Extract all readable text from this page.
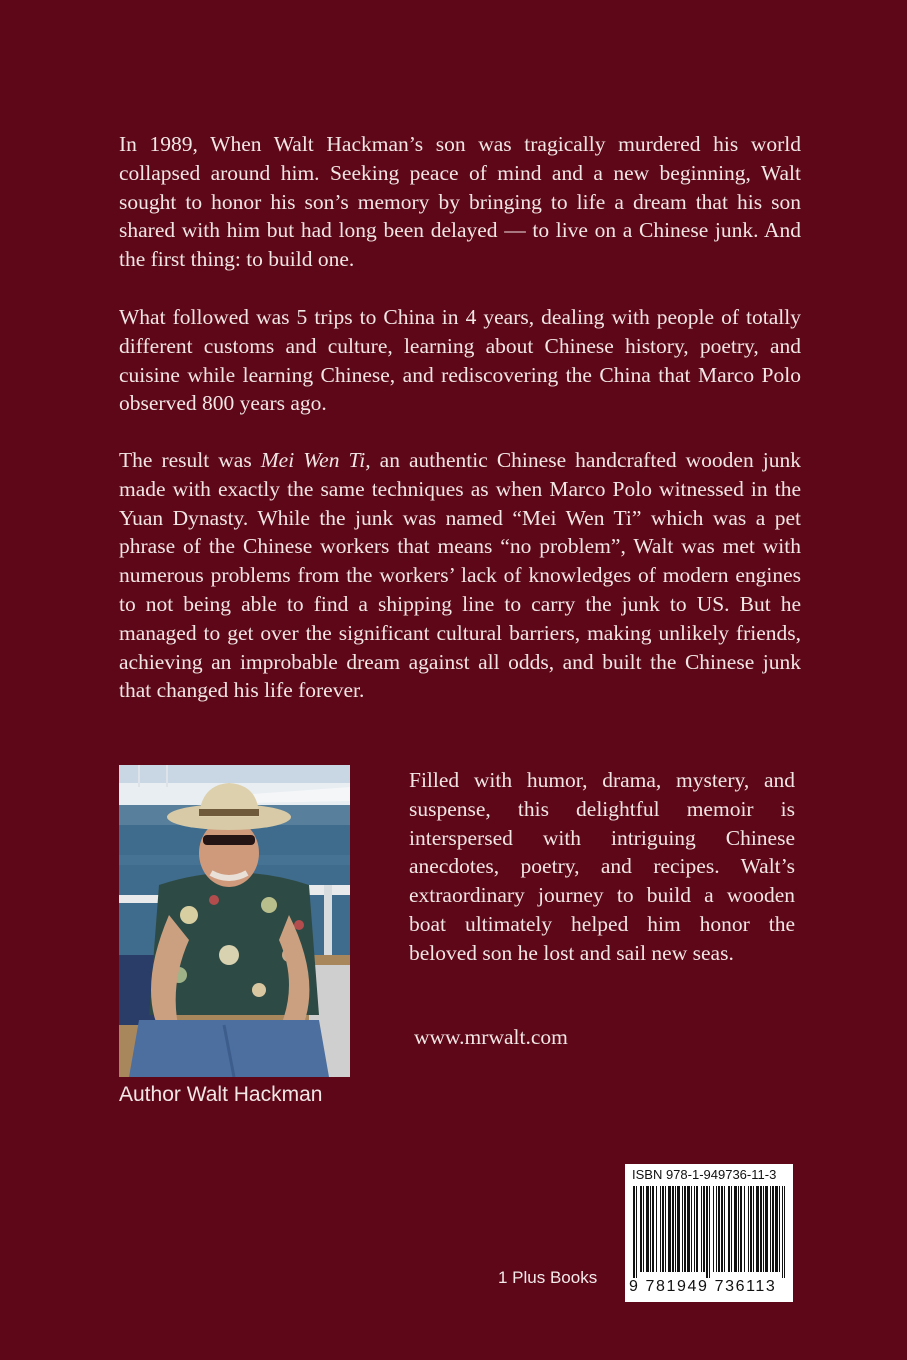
In 1989, When Walt Hackman’s son was tragically murdered his world collapsed around him. Seeking peace of mind and a new beginning, Walt sought to honor his son’s memory by bringing to life a dream that his son shared with him but had long been delayed — to live on a Chinese junk. And the first thing: to build one.

What followed was 5 trips to China in 4 years, dealing with people of totally different customs and culture, learning about Chinese history, poetry, and cuisine while learning Chinese, and rediscovering the China that Marco Polo observed 800 years ago.

The result was Mei Wen Ti, an authentic Chinese handcrafted wooden junk made with exactly the same techniques as when Marco Polo witnessed in the Yuan Dynasty. While the junk was named “Mei Wen Ti” which was a pet phrase of the Chinese workers that means “no problem”, Walt was met with numerous problems from the workers’ lack of knowledges of modern engines to not being able to find a shipping line to carry the junk to US. But he managed to get over the significant cultural barriers, making unlikely friends, achieving an improbable dream against all odds, and built the Chinese junk that changed his life forever.

Author Walt Hackman

Filled with humor, drama, mystery, and suspense, this delightful memoir is interspersed with intriguing Chinese anecdotes, poetry, and recipes. Walt’s extraordinary journey to build a wooden boat ultimately helped him honor the beloved son he lost and sail new seas.

www.mrwalt.com
1 Plus Books
ISBN 978-1-949736-11-3
9 781949 736113
